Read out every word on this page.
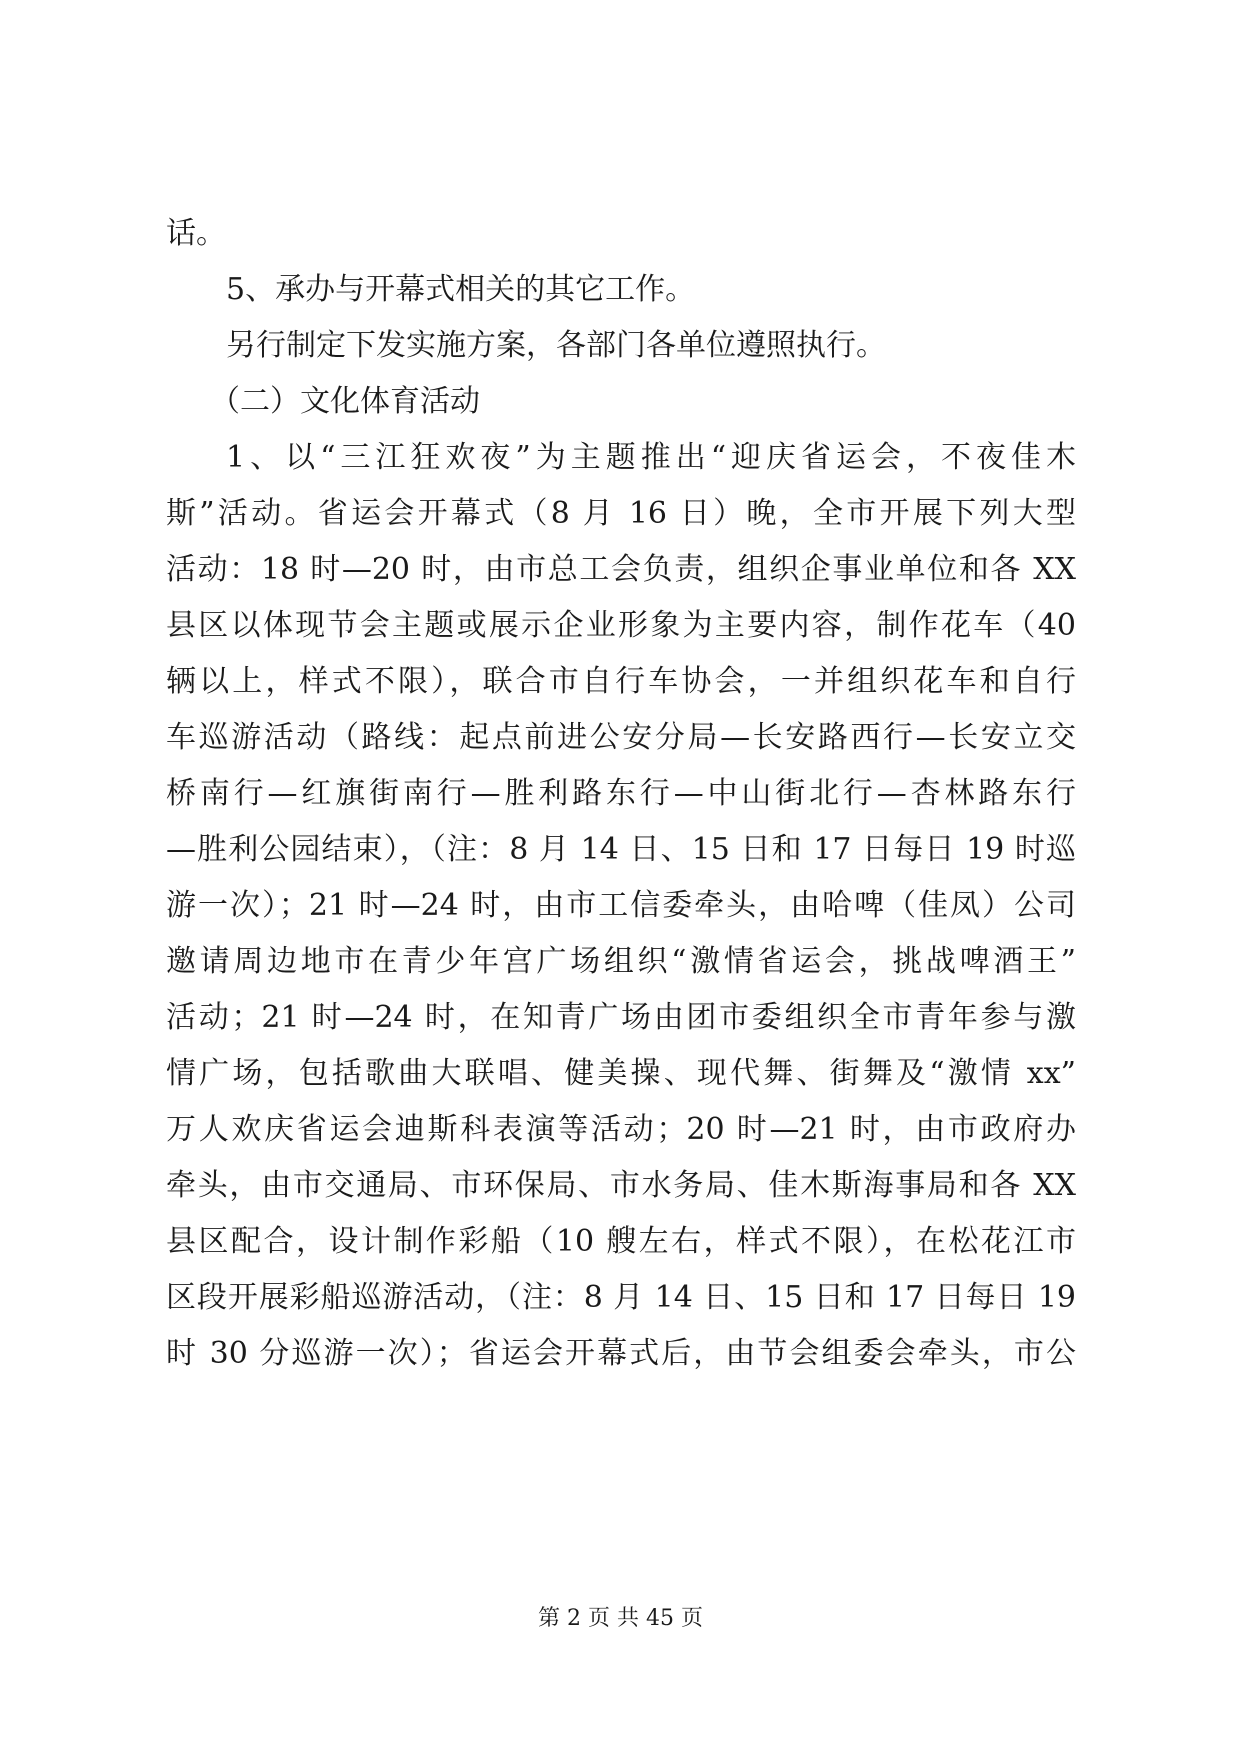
话。
5、承办与开幕式相关的其它工作。
另行制定下发实施方案，各部门各单位遵照执行。
（二）文化体育活动
1、以“三江狂欢夜”为主题推出“迎庆省运会，不夜佳木
斯”活动。省运会开幕式（8 月 16 日）晚，全市开展下列大型
活动：18 时—20 时，由市总工会负责，组织企事业单位和各 XX
县区以体现节会主题或展示企业形象为主要内容，制作花车（40
辆以上，样式不限），联合市自行车协会，一并组织花车和自行
车巡游活动（路线：起点前进公安分局—长安路西行—长安立交
桥南行—红旗街南行—胜利路东行—中山街北行—杏林路东行
—胜利公园结束），（注：8 月 14 日、15 日和 17 日每日 19 时巡
游一次）；21 时—24 时，由市工信委牵头，由哈啤（佳凤）公司
邀请周边地市在青少年宫广场组织“激情省运会，挑战啤酒王”
活动；21 时—24 时，在知青广场由团市委组织全市青年参与激
情广场，包括歌曲大联唱、健美操、现代舞、街舞及“激情 xx”
万人欢庆省运会迪斯科表演等活动；20 时—21 时，由市政府办
牵头，由市交通局、市环保局、市水务局、佳木斯海事局和各 XX
县区配合，设计制作彩船（10 艘左右，样式不限），在松花江市
区段开展彩船巡游活动，（注：8 月 14 日、15 日和 17 日每日 19
时 30 分巡游一次）；省运会开幕式后，由节会组委会牵头，市公
第 2 页 共 45 页
